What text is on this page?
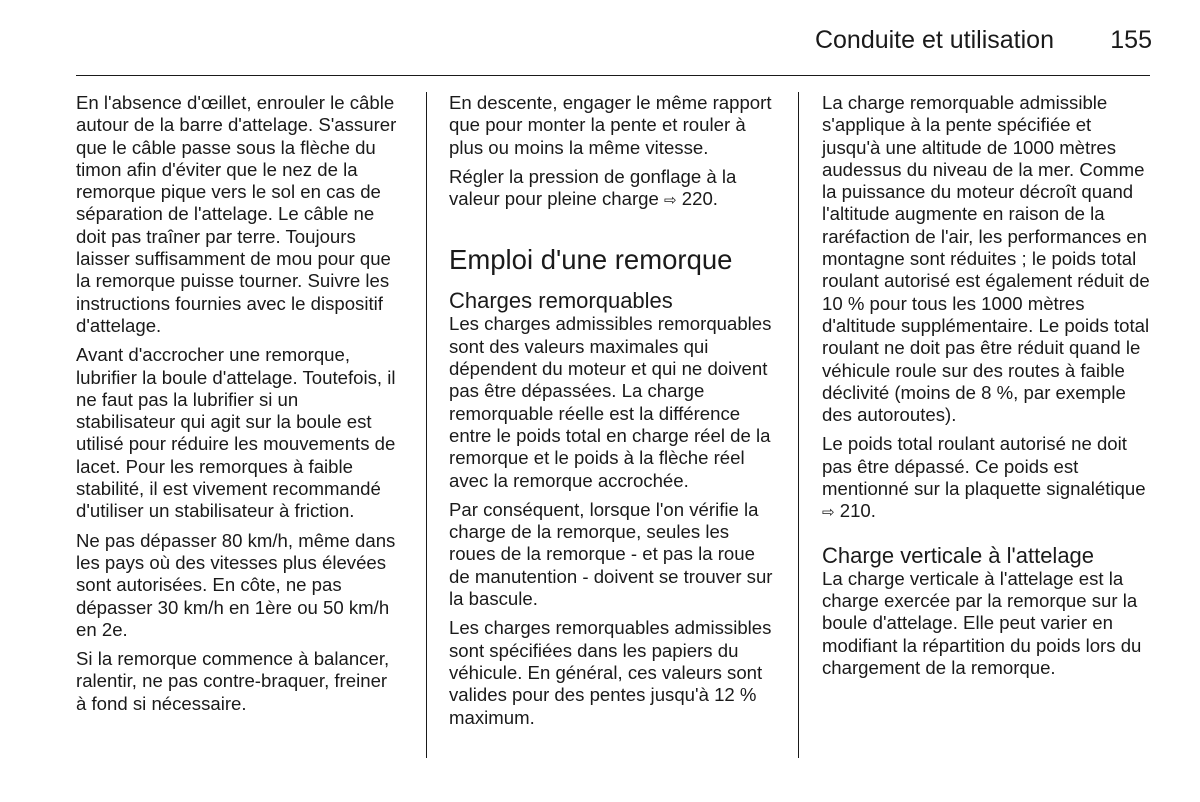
Conduite et utilisation 155

En l'absence d'œillet, enrouler le câble autour de la barre d'attelage. S'assurer que le câble passe sous la flèche du timon afin d'éviter que le nez de la remorque pique vers le sol en cas de séparation de l'attelage. Le câble ne doit pas traîner par terre. Toujours laisser suffisamment de mou pour que la remorque puisse tourner. Suivre les instructions fournies avec le dispositif d'attelage.

Avant d'accrocher une remorque, lubrifier la boule d'attelage. Toutefois, il ne faut pas la lubrifier si un stabilisateur qui agit sur la boule est utilisé pour réduire les mouvements de lacet. Pour les remorques à faible stabilité, il est vivement recommandé d'utiliser un stabilisateur à friction.

Ne pas dépasser 80 km/h, même dans les pays où des vitesses plus élevées sont autorisées. En côte, ne pas dépasser 30 km/h en 1ère ou 50 km/h en 2e.

Si la remorque commence à balancer, ralentir, ne pas contre-braquer, freiner à fond si nécessaire.

En descente, engager le même rapport que pour monter la pente et rouler à plus ou moins la même vitesse.

Régler la pression de gonflage à la valeur pour pleine charge ⇨ 220.

Emploi d'une remorque
Charges remorquables

Les charges admissibles remorquables sont des valeurs maximales qui dépendent du moteur et qui ne doivent pas être dépassées. La charge remorquable réelle est la différence entre le poids total en charge réel de la remorque et le poids à la flèche réel avec la remorque accrochée.

Par conséquent, lorsque l'on vérifie la charge de la remorque, seules les roues de la remorque - et pas la roue de manutention - doivent se trouver sur la bascule.

Les charges remorquables admissibles sont spécifiées dans les papiers du véhicule. En général, ces valeurs sont valides pour des pentes jusqu'à 12 % maximum.

La charge remorquable admissible s'applique à la pente spécifiée et jusqu'à une altitude de 1000 mètres audessus du niveau de la mer. Comme la puissance du moteur décroît quand l'altitude augmente en raison de la raréfaction de l'air, les performances en montagne sont réduites ; le poids total roulant autorisé est également réduit de 10 % pour tous les 1000 mètres d'altitude supplémentaire. Le poids total roulant ne doit pas être réduit quand le véhicule roule sur des routes à faible déclivité (moins de 8 %, par exemple des autoroutes).

Le poids total roulant autorisé ne doit pas être dépassé. Ce poids est mentionné sur la plaquette signalétique ⇨ 210.

Charge verticale à l'attelage

La charge verticale à l'attelage est la charge exercée par la remorque sur la boule d'attelage. Elle peut varier en modifiant la répartition du poids lors du chargement de la remorque.
